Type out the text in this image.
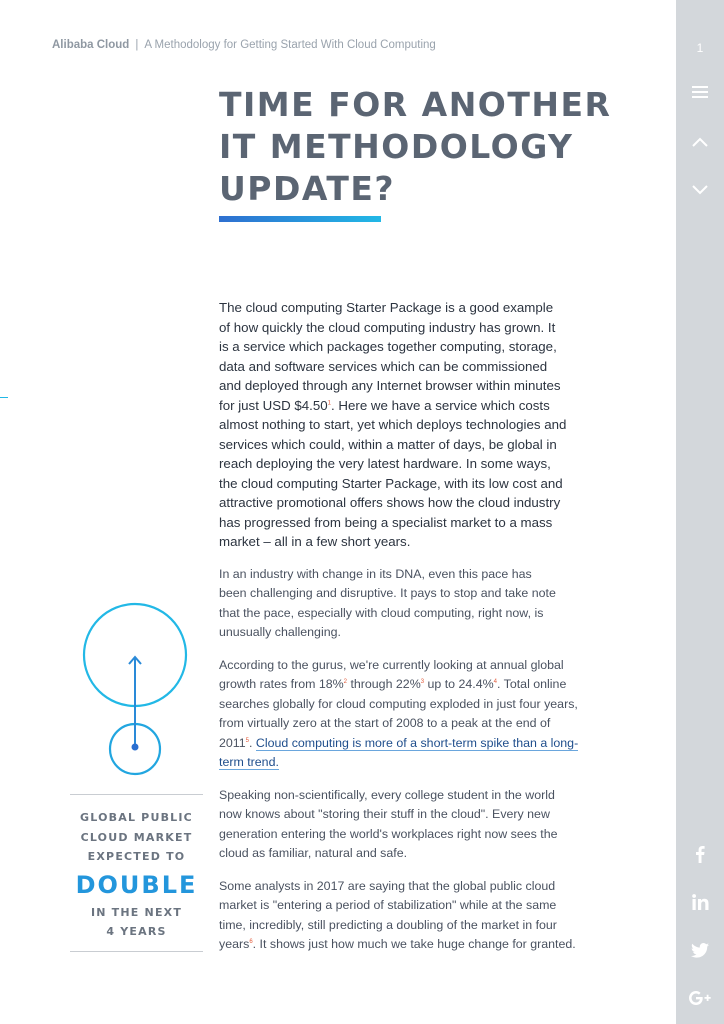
Alibaba Cloud | A Methodology for Getting Started With Cloud Computing
TIME FOR ANOTHER
IT METHODOLOGY
UPDATE?

The cloud computing Starter Package is a good example
of how quickly the cloud computing industry has grown. It
is a service which packages together computing, storage,
data and software services which can be commissioned
and deployed through any Internet browser within minutes
for just USD $4.50$^1$. Here we have a service which costs
almost nothing to start, yet which deploys technologies and
services which could, within a matter of days, be global in
reach deploying the very latest hardware. In some ways,
the cloud computing Starter Package, with its low cost and
attractive promotional offers shows how the cloud industry
has progressed from being a specialist market to a mass
market – all in a few short years.

In an industry with change in its DNA, even this pace has
been challenging and disruptive. It pays to stop and take note
that the pace, especially with cloud computing, right now, is
unusually challenging.

According to the gurus, we're currently looking at annual global
growth rates from 18%$^2$ through 22%$^3$ up to 24.4%$^4$. Total online
searches globally for cloud computing exploded in just four years,
from virtually zero at the start of 2008 to a peak at the end of
2011$^5$. Cloud computing is more of a short-term spike than a long-
term trend.

Speaking non-scientifically, every college student in the world
now knows about "storing their stuff in the cloud". Every new
generation entering the world's workplaces right now sees the
cloud as familiar, natural and safe.

Some analysts in 2017 are saying that the global public cloud
market is "entering a period of stabilization" while at the same
time, incredibly, still predicting a doubling of the market in four
years$^6$. It shows just how much we take huge change for granted.

GLOBAL PUBLIC
CLOUD MARKET
EXPECTED TO
DOUBLE
IN THE NEXT
4 YEARS
1
